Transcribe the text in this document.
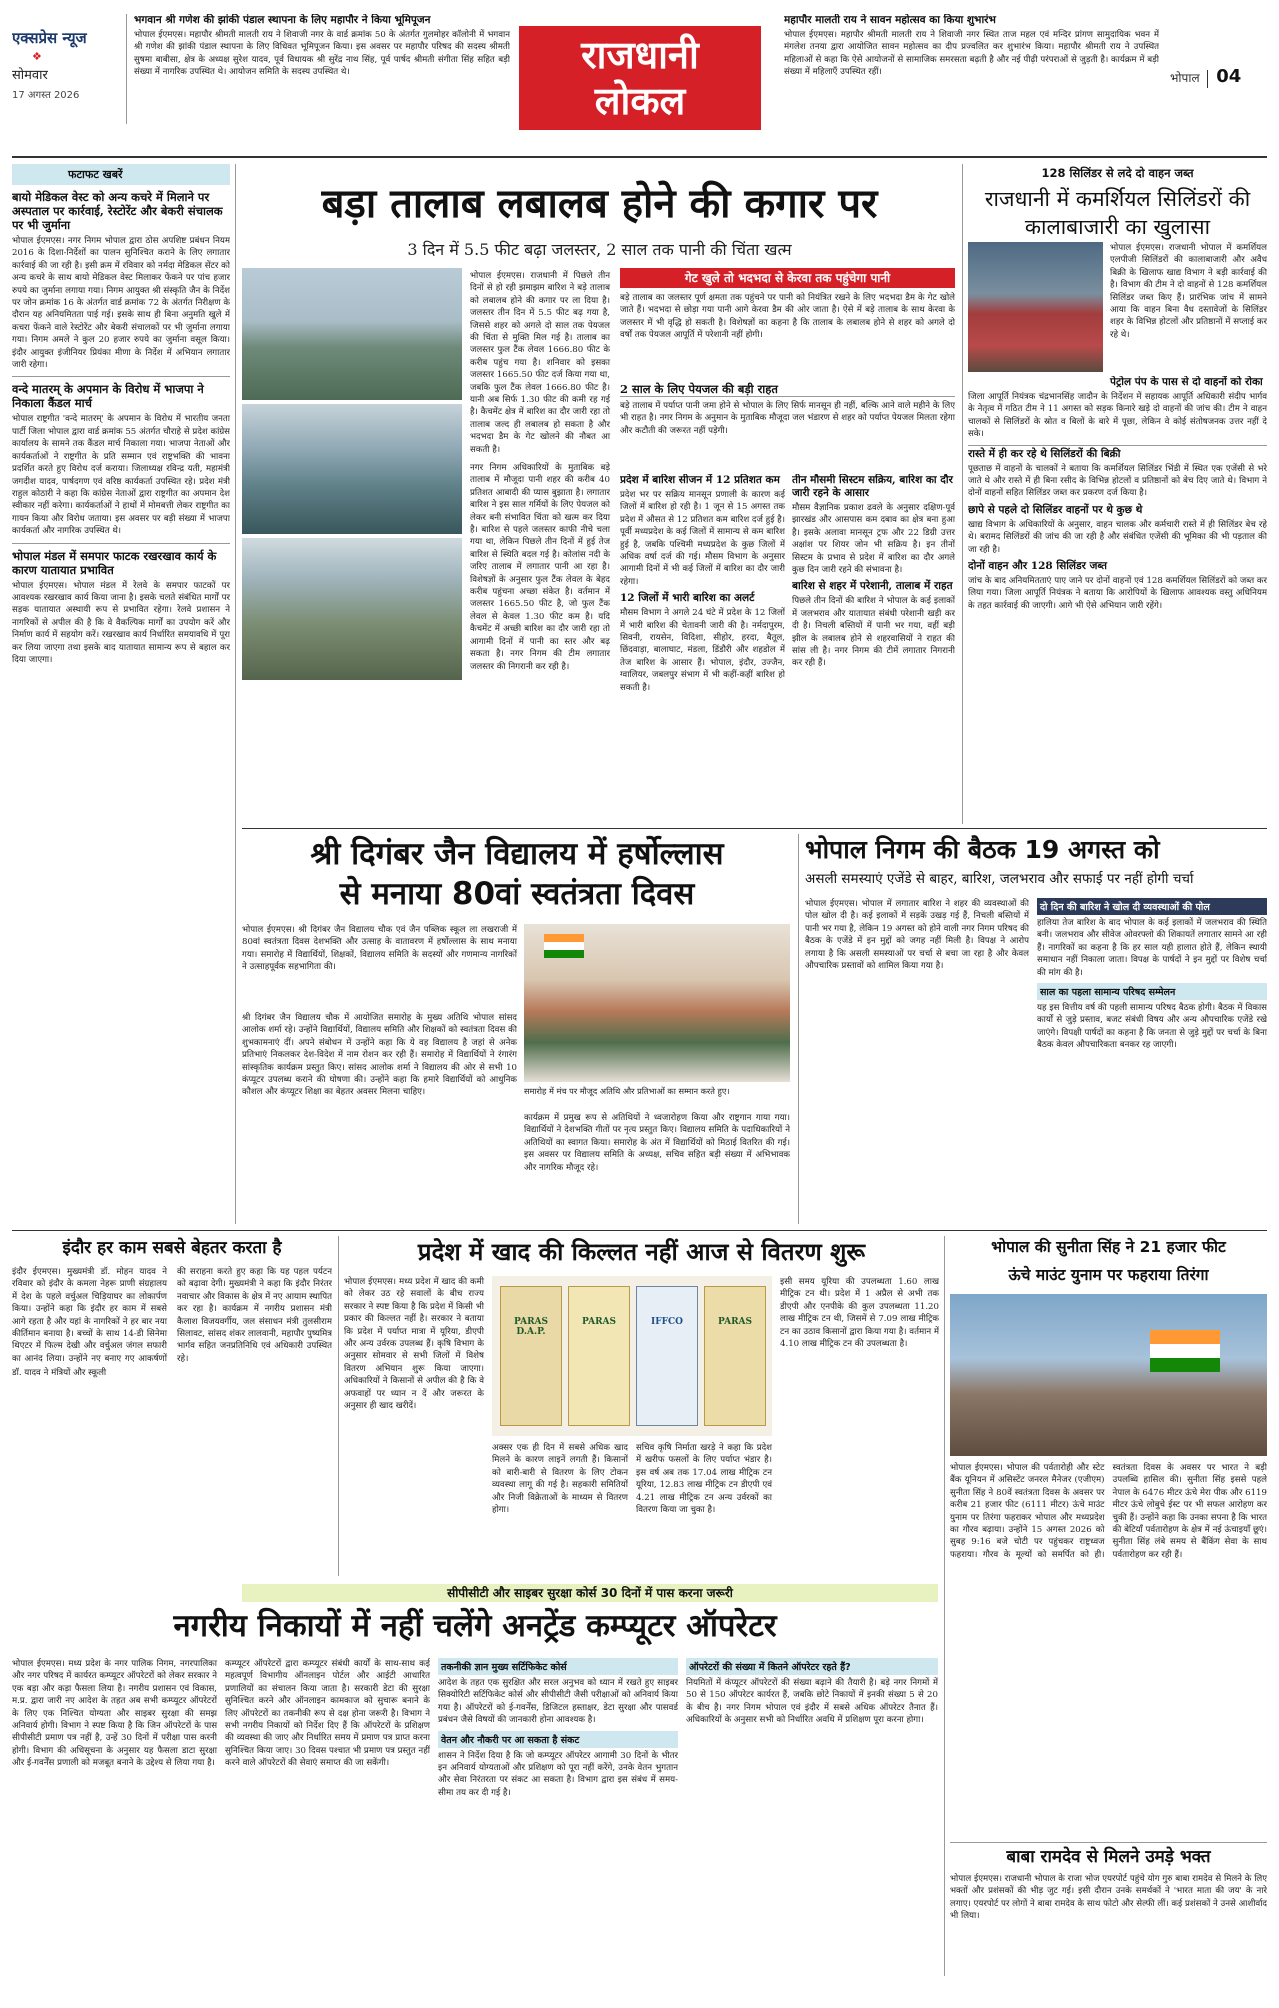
एक्सप्रेस न्यूज
❖
सोमवार
17 अगस्त 2026
भगवान श्री गणेश की झांकी पंडाल स्थापना के लिए महापौर ने किया भूमिपूजन
भोपाल ईएमएस। महापौर श्रीमती मालती राय ने शिवाजी नगर के वार्ड क्रमांक 50 के अंतर्गत गुलमोहर कॉलोनी में भगवान श्री गणेश की झांकी पंडाल स्थापना के लिए विधिवत भूमिपूजन किया। इस अवसर पर महापौर परिषद की सदस्य श्रीमती सुषमा बाबीसा, क्षेत्र के अध्यक्ष सुरेश यादव, पूर्व विधायक श्री सुरेंद्र नाथ सिंह, पूर्व पार्षद श्रीमती संगीता सिंह सहित बड़ी संख्या में नागरिक उपस्थित थे। आयोजन समिति के सदस्य उपस्थित थे।	राजधानी
लोकल
महापौर मालती राय ने सावन महोत्सव का किया शुभारंभ
भोपाल ईएमएस। महापौर श्रीमती मालती राय ने शिवाजी नगर स्थित ताज महल एवं मन्दिर प्रांगण सामुदायिक भवन में मंगलेश तनया द्वारा आयोजित सावन महोत्सव का दीप प्रज्वलित कर शुभारंभ किया। महापौर श्रीमती राय ने उपस्थित महिलाओं से कहा कि ऐसे आयोजनों से सामाजिक समरसता बढ़ती है और नई पीढ़ी परंपराओं से जुड़ती है। कार्यक्रम में बड़ी संख्या में महिलाएँ उपस्थित रहीं।	भोपाल 04
फटाफट खबरें
बायो मेडिकल वेस्ट को अन्य कचरे में मिलाने पर अस्पताल पर कार्रवाई, रेस्टोरेंट और बेकरी संचालक पर भी जुर्माना
भोपाल ईएमएस। नगर निगम भोपाल द्वारा ठोस अपशिष्ट प्रबंधन नियम 2016 के दिशा-निर्देशों का पालन सुनिश्चित कराने के लिए लगातार कार्रवाई की जा रही है। इसी क्रम में रविवार को नर्मदा मेडिकल सेंटर को अन्य कचरे के साथ बायो मेडिकल वेस्ट मिलाकर फेंकने पर पांच हजार रुपये का जुर्माना लगाया गया। निगम आयुक्त श्री संस्कृति जैन के निर्देश पर जोन क्रमांक 16 के अंतर्गत वार्ड क्रमांक 72 के अंतर्गत निरीक्षण के दौरान यह अनियमितता पाई गई। इसके साथ ही बिना अनुमति खुले में कचरा फेंकने वाले रेस्टोरेंट और बेकरी संचालकों पर भी जुर्माना लगाया गया। निगम अमले ने कुल 20 हजार रुपये का जुर्माना वसूल किया। इंदौर आयुक्त इंजीनियर प्रियंका मीणा के निर्देश में अभियान लगातार जारी रहेगा।
वन्दे मातरम् के अपमान के विरोध में भाजपा ने निकाला कैंडल मार्च
भोपाल राष्ट्रगीत 'वन्दे मातरम्' के अपमान के विरोध में भारतीय जनता पार्टी जिला भोपाल द्वारा वार्ड क्रमांक 55 अंतर्गत चौराहे से प्रदेश कांग्रेस कार्यालय के सामने तक कैंडल मार्च निकाला गया। भाजपा नेताओं और कार्यकर्ताओं ने राष्ट्रगीत के प्रति सम्मान एवं राष्ट्रभक्ति की भावना प्रदर्शित करते हुए विरोध दर्ज कराया। जिलाध्यक्ष रविन्द्र यती, महामंत्री जगदीश यादव, पार्षदगण एवं वरिष्ठ कार्यकर्ता उपस्थित रहे। प्रदेश मंत्री राहुल कोठारी ने कहा कि कांग्रेस नेताओं द्वारा राष्ट्रगीत का अपमान देश स्वीकार नहीं करेगा। कार्यकर्ताओं ने हाथों में मोमबत्ती लेकर राष्ट्रगीत का गायन किया और विरोध जताया। इस अवसर पर बड़ी संख्या में भाजपा कार्यकर्ता और नागरिक उपस्थित थे।
भोपाल मंडल में समपार फाटक रखरखाव कार्य के कारण यातायात प्रभावित
भोपाल ईएमएस। भोपाल मंडल में रेलवे के समपार फाटकों पर आवश्यक रखरखाव कार्य किया जाना है। इसके चलते संबंधित मार्गों पर सड़क यातायात अस्थायी रूप से प्रभावित रहेगा। रेलवे प्रशासन ने नागरिकों से अपील की है कि वे वैकल्पिक मार्गों का उपयोग करें और निर्माण कार्य में सहयोग करें। रखरखाव कार्य निर्धारित समयावधि में पूरा कर लिया जाएगा तथा इसके बाद यातायात सामान्य रूप से बहाल कर दिया जाएगा।
बड़ा तालाब लबालब होने की कगार पर
3 दिन में 5.5 फीट बढ़ा जलस्तर, 2 साल तक पानी की चिंता खत्म
भोपाल ईएमएस। राजधानी में पिछले तीन दिनों से हो रही झमाझम बारिश ने बड़े तालाब को लबालब होने की कगार पर ला दिया है। जलस्तर तीन दिन में 5.5 फीट बढ़ गया है, जिससे शहर को अगले दो साल तक पेयजल की चिंता से मुक्ति मिल गई है। तालाब का जलस्तर फुल टैंक लेवल 1666.80 फीट के करीब पहुंच गया है। शनिवार को इसका जलस्तर 1665.50 फीट दर्ज किया गया था, जबकि फुल टैंक लेवल 1666.80 फीट है। यानी अब सिर्फ 1.30 फीट की कमी रह गई है। कैचमेंट क्षेत्र में बारिश का दौर जारी रहा तो तालाब जल्द ही लबालब हो सकता है और भदभदा डैम के गेट खोलने की नौबत आ सकती है।
नगर निगम अधिकारियों के मुताबिक बड़े तालाब में मौजूदा पानी शहर की करीब 40 प्रतिशत आबादी की प्यास बुझाता है। लगातार बारिश ने इस साल गर्मियों के लिए पेयजल को लेकर बनी संभावित चिंता को खत्म कर दिया है। बारिश से पहले जलस्तर काफी नीचे चला गया था, लेकिन पिछले तीन दिनों में हुई तेज बारिश से स्थिति बदल गई है। कोलांस नदी के जरिए तालाब में लगातार पानी आ रहा है। विशेषज्ञों के अनुसार फुल टैंक लेवल के बेहद करीब पहुंचना अच्छा संकेत है। वर्तमान में जलस्तर 1665.50 फीट है, जो फुल टैंक लेवल से केवल 1.30 फीट कम है। यदि कैचमेंट में अच्छी बारिश का दौर जारी रहा तो आगामी दिनों में पानी का स्तर और बढ़ सकता है। नगर निगम की टीम लगातार जलस्तर की निगरानी कर रही है।
गेट खुले तो भदभदा से केरवा तक पहुंचेगा पानी
बड़े तालाब का जलस्तर पूर्ण क्षमता तक पहुंचने पर पानी को नियंत्रित रखने के लिए भदभदा डैम के गेट खोले जाते हैं। भदभदा से छोड़ा गया पानी आगे केरवा डैम की ओर जाता है। ऐसे में बड़े तालाब के साथ केरवा के जलस्तर में भी वृद्धि हो सकती है। विशेषज्ञों का कहना है कि तालाब के लबालब होने से शहर को अगले दो वर्षों तक पेयजल आपूर्ति में परेशानी नहीं होगी।
2 साल के लिए पेयजल की बड़ी राहत
बड़े तालाब में पर्याप्त पानी जमा होने से भोपाल के लिए सिर्फ मानसून ही नहीं, बल्कि आने वाले महीने के लिए भी राहत है। नगर निगम के अनुमान के मुताबिक मौजूदा जल भंडारण से शहर को पर्याप्त पेयजल मिलता रहेगा और कटौती की जरूरत नहीं पड़ेगी।
प्रदेश में बारिश सीजन में 12 प्रतिशत कम
प्रदेश भर पर सक्रिय मानसून प्रणाली के कारण कई जिलों में बारिश हो रही है। 1 जून से 15 अगस्त तक प्रदेश में औसत से 12 प्रतिशत कम बारिश दर्ज हुई है। पूर्वी मध्यप्रदेश के कई जिलों में सामान्य से कम बारिश हुई है, जबकि पश्चिमी मध्यप्रदेश के कुछ जिलों में अधिक वर्षा दर्ज की गई। मौसम विभाग के अनुसार आगामी दिनों में भी कई जिलों में बारिश का दौर जारी रहेगा।
12 जिलों में भारी बारिश का अलर्ट
मौसम विभाग ने अगले 24 घंटे में प्रदेश के 12 जिलों में भारी बारिश की चेतावनी जारी की है। नर्मदापुरम, सिवनी, रायसेन, विदिशा, सीहोर, हरदा, बैतूल, छिंदवाड़ा, बालाघाट, मंडला, डिंडौरी और शहडोल में तेज बारिश के आसार हैं। भोपाल, इंदौर, उज्जैन, ग्वालियर, जबलपुर संभाग में भी कहीं-कहीं बारिश हो सकती है।
तीन मौसमी सिस्टम सक्रिय, बारिश का दौर जारी रहने के आसार
मौसम वैज्ञानिक प्रकाश ढवले के अनुसार दक्षिण-पूर्व झारखंड और आसपास कम दबाव का क्षेत्र बना हुआ है। इसके अलावा मानसून ट्रफ और 22 डिग्री उत्तर अक्षांश पर शियर जोन भी सक्रिय है। इन तीनों सिस्टम के प्रभाव से प्रदेश में बारिश का दौर अगले कुछ दिन जारी रहने की संभावना है।
बारिश से शहर में परेशानी, तालाब में राहत
पिछले तीन दिनों की बारिश ने भोपाल के कई इलाकों में जलभराव और यातायात संबंधी परेशानी खड़ी कर दी है। निचली बस्तियों में पानी भर गया, वहीं बड़ी झील के लबालब होने से शहरवासियों ने राहत की सांस ली है। नगर निगम की टीमें लगातार निगरानी कर रही हैं।
128 सिलिंडर से लदे दो वाहन जब्त
राजधानी में कमर्शियल सिलिंडरों की कालाबाजारी का खुलासा
भोपाल ईएमएस। राजधानी भोपाल में कमर्शियल एलपीजी सिलिंडरों की कालाबाजारी और अवैध बिक्री के खिलाफ खाद्य विभाग ने बड़ी कार्रवाई की है। विभाग की टीम ने दो वाहनों से 128 कमर्शियल सिलिंडर जब्त किए हैं। प्रारंभिक जांच में सामने आया कि वाहन बिना वैध दस्तावेजों के सिलिंडर शहर के विभिन्न होटलों और प्रतिष्ठानों में सप्लाई कर रहे थे।
पेट्रोल पंप के पास से दो वाहनों को रोका
जिला आपूर्ति नियंत्रक चंद्रभानसिंह जादौन के निर्देशन में सहायक आपूर्ति अधिकारी संदीप भार्गव के नेतृत्व में गठित टीम ने 11 अगस्त को सड़क किनारे खड़े दो वाहनों की जांच की। टीम ने वाहन चालकों से सिलिंडरों के स्रोत व बिलों के बारे में पूछा, लेकिन वे कोई संतोषजनक उत्तर नहीं दे सके।
रास्ते में ही कर रहे थे सिलिंडरों की बिक्री
पूछताछ में वाहनों के चालकों ने बताया कि कमर्शियल सिलिंडर भिंडी में स्थित एक एजेंसी से भरे जाते थे और रास्ते में ही बिना रसीद के विभिन्न होटलों व प्रतिष्ठानों को बेच दिए जाते थे। विभाग ने दोनों वाहनों सहित सिलिंडर जब्त कर प्रकरण दर्ज किया है।
छापे से पहले दो सिलिंडर वाहनों पर थे कुछ थे
खाद्य विभाग के अधिकारियों के अनुसार, वाहन चालक और कर्मचारी रास्ते में ही सिलिंडर बेच रहे थे। बरामद सिलिंडरों की जांच की जा रही है और संबंधित एजेंसी की भूमिका की भी पड़ताल की जा रही है।
दोनों वाहन और 128 सिलिंडर जब्त
जांच के बाद अनियमितताएं पाए जाने पर दोनों वाहनों एवं 128 कमर्शियल सिलिंडरों को जब्त कर लिया गया। जिला आपूर्ति नियंत्रक ने बताया कि आरोपियों के खिलाफ आवश्यक वस्तु अधिनियम के तहत कार्रवाई की जाएगी। आगे भी ऐसे अभियान जारी रहेंगे।
श्री दिगंबर जैन विद्यालय में हर्षोल्लास
से मनाया 80वां स्वतंत्रता दिवस
भोपाल ईएमएस। श्री दिगंबर जैन विद्यालय चौक एवं जैन पब्लिक स्कूल ला लखराजी में 80वां स्वतंत्रता दिवस देशभक्ति और उत्साह के वातावरण में हर्षोल्लास के साथ मनाया गया। समारोह में विद्यार्थियों, शिक्षकों, विद्यालय समिति के सदस्यों और गणमान्य नागरिकों ने उत्साहपूर्वक सहभागिता की।
श्री दिगंबर जैन विद्यालय चौक में आयोजित समारोह के मुख्य अतिथि भोपाल सांसद आलोक शर्मा रहे। उन्होंने विद्यार्थियों, विद्यालय समिति और शिक्षकों को स्वतंत्रता दिवस की शुभकामनाएं दीं। अपने संबोधन में उन्होंने कहा कि ये वह विद्यालय है जहां से अनेक प्रतिभाएं निकलकर देश-विदेश में नाम रोशन कर रही हैं। समारोह में विद्यार्थियों ने रंगारंग सांस्कृतिक कार्यक्रम प्रस्तुत किए। सांसद आलोक शर्मा ने विद्यालय की ओर से सभी 10 कंप्यूटर उपलब्ध कराने की घोषणा की। उन्होंने कहा कि हमारे विद्यार्थियों को आधुनिक कौशल और कंप्यूटर शिक्षा का बेहतर अवसर मिलना चाहिए।	समारोह में मंच पर मौजूद अतिथि और प्रतिभाओं का सम्मान करते हुए।
कार्यक्रम में प्रमुख रूप से अतिथियों ने ध्वजारोहण किया और राष्ट्रगान गाया गया। विद्यार्थियों ने देशभक्ति गीतों पर नृत्य प्रस्तुत किए। विद्यालय समिति के पदाधिकारियों ने अतिथियों का स्वागत किया। समारोह के अंत में विद्यार्थियों को मिठाई वितरित की गई। इस अवसर पर विद्यालय समिति के अध्यक्ष, सचिव सहित बड़ी संख्या में अभिभावक और नागरिक मौजूद रहे।
भोपाल निगम की बैठक 19 अगस्त को
असली समस्याएं एजेंडे से बाहर, बारिश, जलभराव और सफाई पर नहीं होगी चर्चा
भोपाल ईएमएस। भोपाल में लगातार बारिश ने शहर की व्यवस्थाओं की पोल खोल दी है। कई इलाकों में सड़कें उखड़ गई हैं, निचली बस्तियों में पानी भर गया है, लेकिन 19 अगस्त को होने वाली नगर निगम परिषद की बैठक के एजेंडे में इन मुद्दों को जगह नहीं मिली है। विपक्ष ने आरोप लगाया है कि असली समस्याओं पर चर्चा से बचा जा रहा है और केवल औपचारिक प्रस्तावों को शामिल किया गया है।
दो दिन की बारिश ने खोल दी व्यवस्थाओं की पोल
हालिया तेज बारिश के बाद भोपाल के कई इलाकों में जलभराव की स्थिति बनी। जलभराव और सीवेज ओवरफ्लो की शिकायतें लगातार सामने आ रही हैं। नागरिकों का कहना है कि हर साल यही हालात होते हैं, लेकिन स्थायी समाधान नहीं निकाला जाता। विपक्ष के पार्षदों ने इन मुद्दों पर विशेष चर्चा की मांग की है।
साल का पहला सामान्य परिषद सम्मेलन
यह इस वित्तीय वर्ष की पहली सामान्य परिषद बैठक होगी। बैठक में विकास कार्यों से जुड़े प्रस्ताव, बजट संबंधी विषय और अन्य औपचारिक एजेंडे रखे जाएंगे। विपक्षी पार्षदों का कहना है कि जनता से जुड़े मुद्दों पर चर्चा के बिना बैठक केवल औपचारिकता बनकर रह जाएगी।
इंदौर हर काम सबसे बेहतर करता है
इंदौर ईएमएस। मुख्यमंत्री डॉ. मोहन यादव ने रविवार को इंदौर के कमला नेहरू प्राणी संग्रहालय में देश के पहले वर्चुअल चिड़ियाघर का लोकार्पण किया। उन्होंने कहा कि इंदौर हर काम में सबसे आगे रहता है और यहां के नागरिकों ने हर बार नया कीर्तिमान बनाया है। बच्चों के साथ 14-डी सिनेमा थिएटर में फिल्म देखी और वर्चुअल जंगल सफारी का आनंद लिया। उन्होंने नए बनाए गए आकर्षणों की सराहना करते हुए कहा कि यह पहल पर्यटन को बढ़ावा देगी। मुख्यमंत्री ने कहा कि इंदौर निरंतर नवाचार और विकास के क्षेत्र में नए आयाम स्थापित कर रहा है। कार्यक्रम में नगरीय प्रशासन मंत्री कैलाश विजयवर्गीय, जल संसाधन मंत्री तुलसीराम सिलावट, सांसद शंकर लालवानी, महापौर पुष्यमित्र भार्गव सहित जनप्रतिनिधि एवं अधिकारी उपस्थित रहे।
डॉ. यादव ने मंत्रियों और स्कूली
प्रदेश में खाद की किल्लत नहीं आज से वितरण शुरू
भोपाल ईएमएस। मध्य प्रदेश में खाद की कमी को लेकर उठ रहे सवालों के बीच राज्य सरकार ने स्पष्ट किया है कि प्रदेश में किसी भी प्रकार की किल्लत नहीं है। सरकार ने बताया कि प्रदेश में पर्याप्त मात्रा में यूरिया, डीएपी और अन्य उर्वरक उपलब्ध हैं। कृषि विभाग के अनुसार सोमवार से सभी जिलों में विशेष वितरण अभियान शुरू किया जाएगा। अधिकारियों ने किसानों से अपील की है कि वे अफवाहों पर ध्यान न दें और जरूरत के अनुसार ही खाद खरीदें।
PARAS D.A.P.
PARAS	IFFCO	PARAS
अक्सर एक ही दिन में सबसे अधिक खाद मिलने के कारण लाइनें लगती हैं। किसानों को बारी-बारी से वितरण के लिए टोकन व्यवस्था लागू की गई है। सहकारी समितियों और निजी विक्रेताओं के माध्यम से वितरण होगा।
सचिव कृषि निर्माता खरड़े ने कहा कि प्रदेश में खरीफ फसलों के लिए पर्याप्त भंडार है। इस वर्ष अब तक 17.04 लाख मीट्रिक टन यूरिया, 12.83 लाख मीट्रिक टन डीएपी एवं 4.21 लाख मीट्रिक टन अन्य उर्वरकों का वितरण किया जा चुका है।
इसी समय यूरिया की उपलब्धता 1.60 लाख मीट्रिक टन थी। प्रदेश में 1 अप्रैल से अभी तक डीएपी और एनपीके की कुल उपलब्धता 11.20 लाख मीट्रिक टन थी, जिसमें से 7.09 लाख मीट्रिक टन का उठाव किसानों द्वारा किया गया है। वर्तमान में 4.10 लाख मीट्रिक टन की उपलब्धता है।
भोपाल की सुनीता सिंह ने 21 हजार फीट
ऊंचे माउंट युनाम पर फहराया तिरंगा
भोपाल ईएमएस। भोपाल की पर्वतारोही और स्टेट बैंक यूनियन में असिस्टेंट जनरल मैनेजर (एजीएम) सुनीता सिंह ने 80वें स्वतंत्रता दिवस के अवसर पर करीब 21 हजार फीट (6111 मीटर) ऊंचे माउंट युनाम पर तिरंगा फहराकर भोपाल और मध्यप्रदेश का गौरव बढ़ाया। उन्होंने 15 अगस्त 2026 को सुबह 9:16 बजे चोटी पर पहुंचकर राष्ट्रध्वज फहराया। गौरव के मूल्यों को समर्पित को ही। स्वतंत्रता दिवस के अवसर पर भारत ने बड़ी उपलब्धि हासिल की। सुनीता सिंह इससे पहले नेपाल के 6476 मीटर ऊंचे मेरा पीक और 6119 मीटर ऊंचे लोबुचे ईस्ट पर भी सफल आरोहण कर चुकी हैं। उन्होंने कहा कि उनका सपना है कि भारत की बेटियाँ पर्वतारोहण के क्षेत्र में नई ऊंचाइयाँ छूएं। सुनीता सिंह लंबे समय से बैंकिंग सेवा के साथ पर्वतारोहण कर रही हैं।
सीपीसीटी और साइबर सुरक्षा कोर्स 30 दिनों में पास करना जरूरी
नगरीय निकायों में नहीं चलेंगे अनट्रेंड कम्प्यूटर ऑपरेटर
भोपाल ईएमएस। मध्य प्रदेश के नगर पालिक निगम, नगरपालिका और नगर परिषद में कार्यरत कम्प्यूटर ऑपरेटरों को लेकर सरकार ने एक बड़ा और कड़ा फैसला लिया है। नगरीय प्रशासन एवं विकास, म.प्र. द्वारा जारी नए आदेश के तहत अब सभी कम्प्यूटर ऑपरेटरों के लिए एक निश्चित योग्यता और साइबर सुरक्षा की समझ अनिवार्य होगी। विभाग ने स्पष्ट किया है कि जिन ऑपरेटरों के पास सीपीसीटी प्रमाण पत्र नहीं है, उन्हें 30 दिनों में परीक्षा पास करनी होगी। विभाग की अधिसूचना के अनुसार यह फैसला डाटा सुरक्षा और ई-गवर्नेंस प्रणाली को मजबूत बनाने के उद्देश्य से लिया गया है।
कम्प्यूटर ऑपरेटरों द्वारा कम्प्यूटर संबंधी कार्यों के साथ-साथ कई महत्वपूर्ण विभागीय ऑनलाइन पोर्टल और आईटी आधारित प्रणालियों का संचालन किया जाता है। सरकारी डेटा की सुरक्षा सुनिश्चित करने और ऑनलाइन कामकाज को सुचारू बनाने के लिए ऑपरेटरों का तकनीकी रूप से दक्ष होना जरूरी है। विभाग ने सभी नगरीय निकायों को निर्देश दिए हैं कि ऑपरेटरों के प्रशिक्षण की व्यवस्था की जाए और निर्धारित समय में प्रमाण पत्र प्राप्त करना सुनिश्चित किया जाए। 30 दिवस पश्चात भी प्रमाण पत्र प्रस्तुत नहीं करने वाले ऑपरेटरों की सेवाएं समाप्त की जा सकेंगी।
तकनीकी ज्ञान मुख्य सर्टिफिकेट कोर्स
आदेश के तहत एक सुरक्षित और सरल अनुभव को ध्यान में रखते हुए साइबर सिक्योरिटी सर्टिफिकेट कोर्स और सीपीसीटी जैसी परीक्षाओं को अनिवार्य किया गया है। ऑपरेटरों को ई-गवर्नेंस, डिजिटल हस्ताक्षर, डेटा सुरक्षा और पासवर्ड प्रबंधन जैसे विषयों की जानकारी होना आवश्यक है।
वेतन और नौकरी पर आ सकता है संकट
शासन ने निर्देश दिया है कि जो कम्प्यूटर ऑपरेटर आगामी 30 दिनों के भीतर इन अनिवार्य योग्यताओं और प्रशिक्षण को पूरा नहीं करेंगे, उनके वेतन भुगतान और सेवा निरंतरता पर संकट आ सकता है। विभाग द्वारा इस संबंध में समय-सीमा तय कर दी गई है।
ऑपरेटरों की संख्या में कितने ऑपरेटर रहते हैं?
नियमितों में कंप्यूटर ऑपरेटरों की संख्या बढ़ाने की तैयारी है। बड़े नगर निगमों में 50 से 150 ऑपरेटर कार्यरत हैं, जबकि छोटे निकायों में इनकी संख्या 5 से 20 के बीच है। नगर निगम भोपाल एवं इंदौर में सबसे अधिक ऑपरेटर तैनात हैं। अधिकारियों के अनुसार सभी को निर्धारित अवधि में प्रशिक्षण पूरा करना होगा।
बाबा रामदेव से मिलने उमड़े भक्त
भोपाल ईएमएस। राजधानी भोपाल के राजा भोज एयरपोर्ट पहुंचे योग गुरु बाबा रामदेव से मिलने के लिए भक्तों और प्रशंसकों की भीड़ जुट गई। इसी दौरान उनके समर्थकों ने 'भारत माता की जय' के नारे लगाए। एयरपोर्ट पर लोगों ने बाबा रामदेव के साथ फोटो और सेल्फी लीं। कई प्रशंसकों ने उनसे आशीर्वाद भी लिया।
